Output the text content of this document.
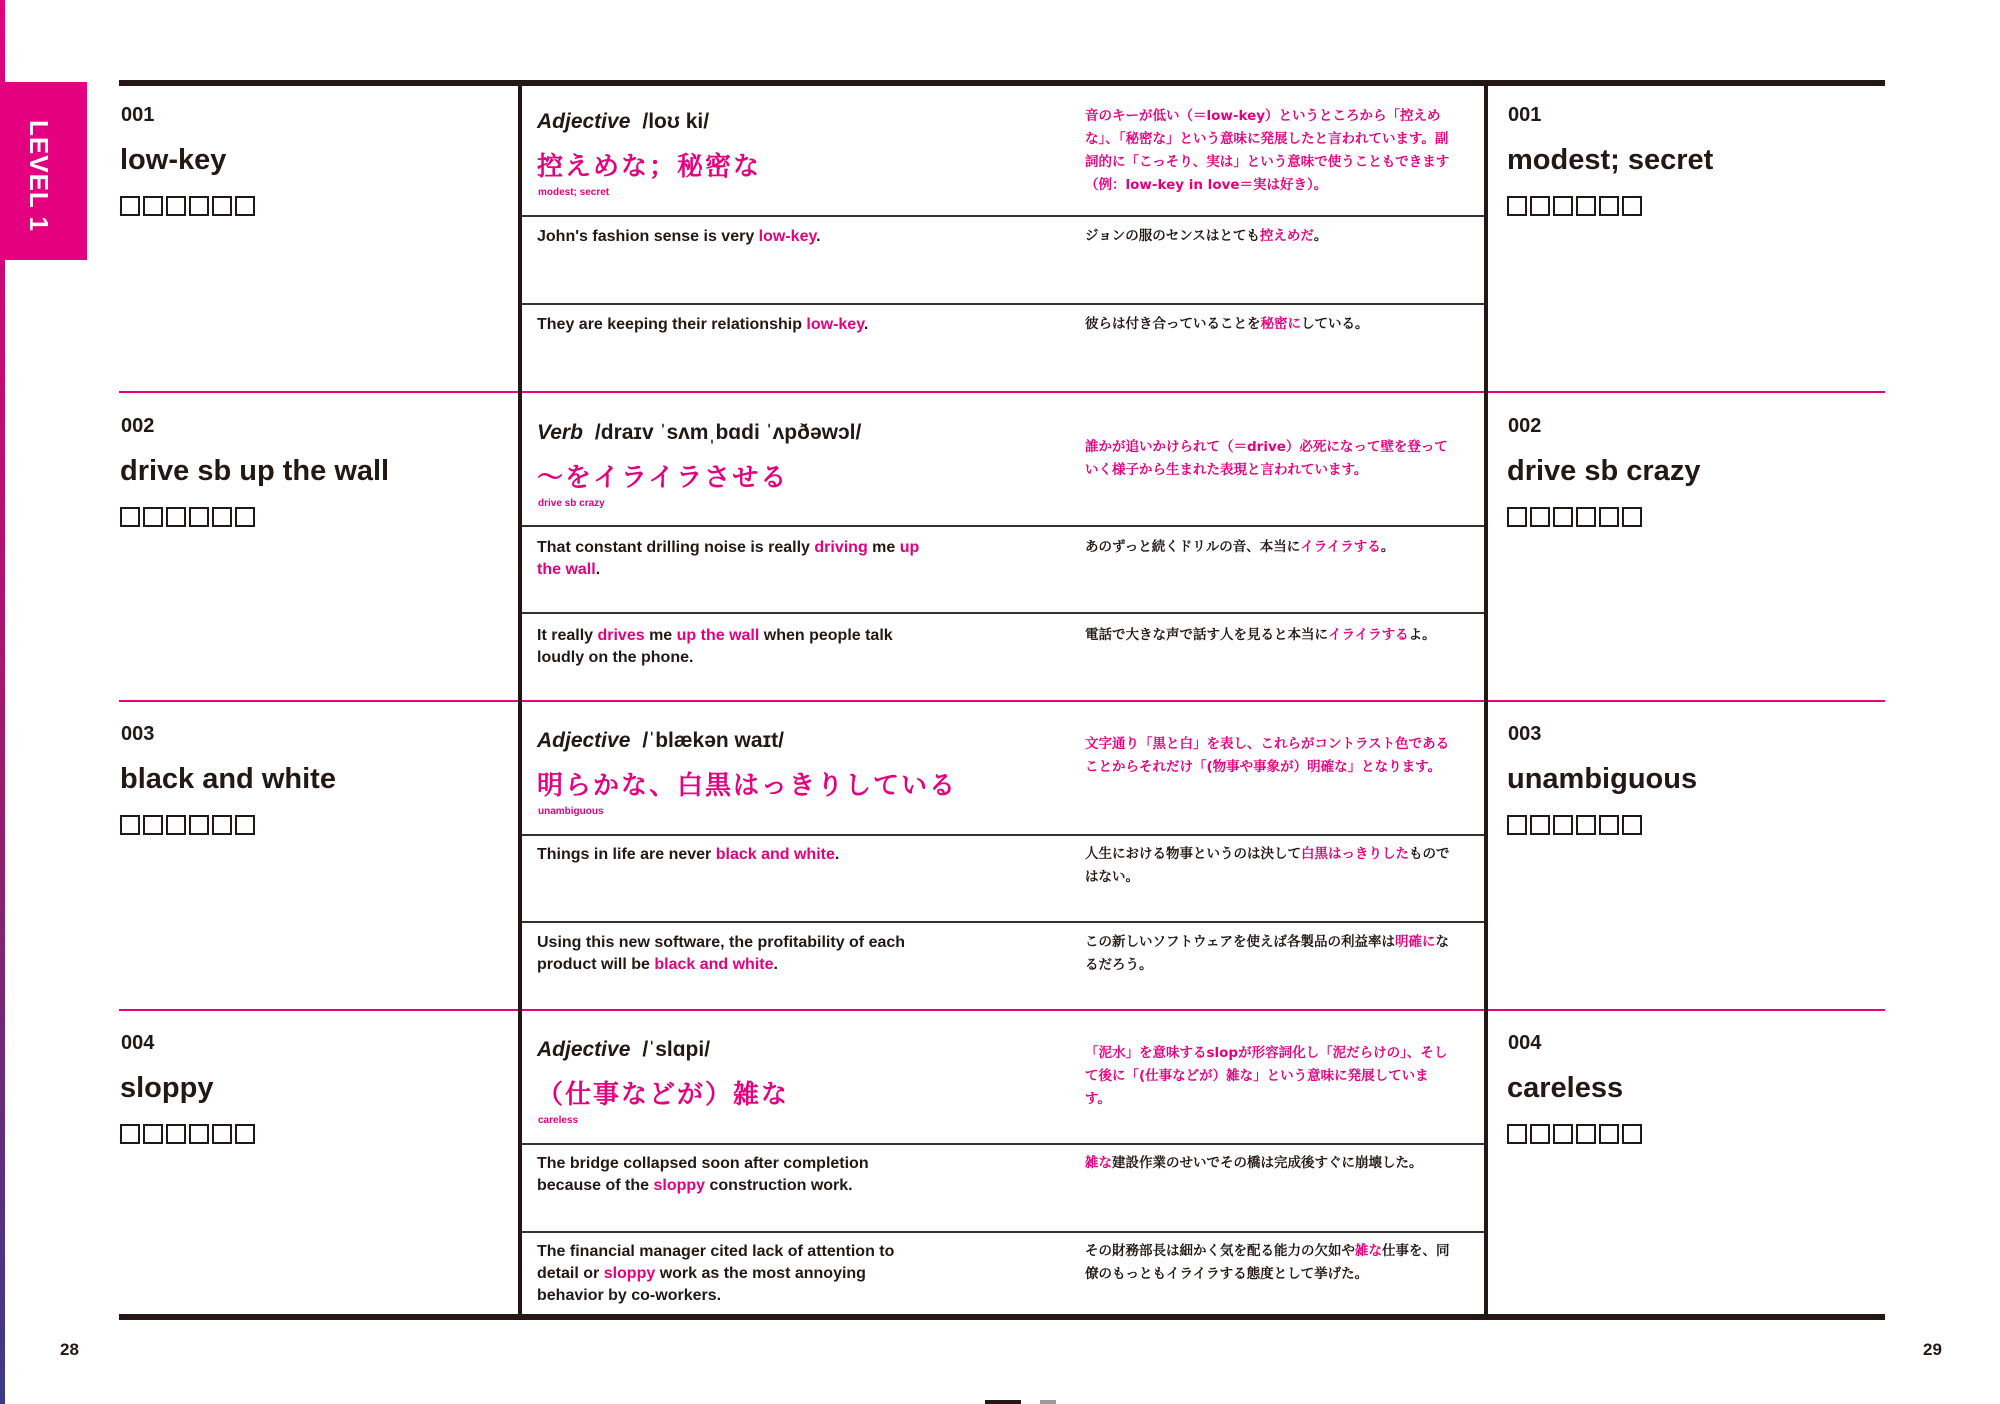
LEVEL 1
001
low-key
Adjective /loʊ ki/
控えめな；秘密な
modest; secret
音のキーが低い（＝low-key）というところから「控えめな」、「秘密な」という意味に発展したと言われています。副詞的に「こっそり、実は」という意味で使うこともできます（例：low-key in love＝実は好き）。
John's fashion sense is very low-key.	ジョンの服のセンスはとても控えめだ。
They are keeping their relationship low-key.	彼らは付き合っていることを秘密にしている。
001
modest; secret
002
drive sb up the wall
Verb /draɪv ˈsʌmˌbɑdi ˈʌpðəwɔl/
～をイライラさせる
drive sb crazy
誰かが追いかけられて（＝drive）必死になって壁を登っていく様子から生まれた表現と言われています。
That constant drilling noise is really driving me up the wall.
あのずっと続くドリルの音、本当にイライラする。
It really drives me up the wall when people talk loudly on the phone.
電話で大きな声で話す人を見ると本当にイライラするよ。
002
drive sb crazy
003
black and white
Adjective /ˈblækən waɪt/
明らかな、白黒はっきりしている
unambiguous
文字通り「黒と白」を表し、これらがコントラスト色であることからそれだけ「(物事や事象が）明確な」となります。
Things in life are never black and white.	人生における物事というのは決して白黒はっきりしたものではない。
Using this new software, the profitability of each product will be black and white.
この新しいソフトウェアを使えば各製品の利益率は明確になるだろう。
003
unambiguous
004
sloppy
Adjective /ˈslɑpi/
（仕事などが）雑な
careless
「泥水」を意味するslopが形容詞化し「泥だらけの」、そして後に「(仕事などが）雑な」という意味に発展しています。
The bridge collapsed soon after completion because of the sloppy construction work.
雑な建設作業のせいでその橋は完成後すぐに崩壊した。
The financial manager cited lack of attention to detail or sloppy work as the most annoying behavior by co-workers.
その財務部長は細かく気を配る能力の欠如や雑な仕事を、同僚のもっともイライラする態度として挙げた。
004
careless
28	29
